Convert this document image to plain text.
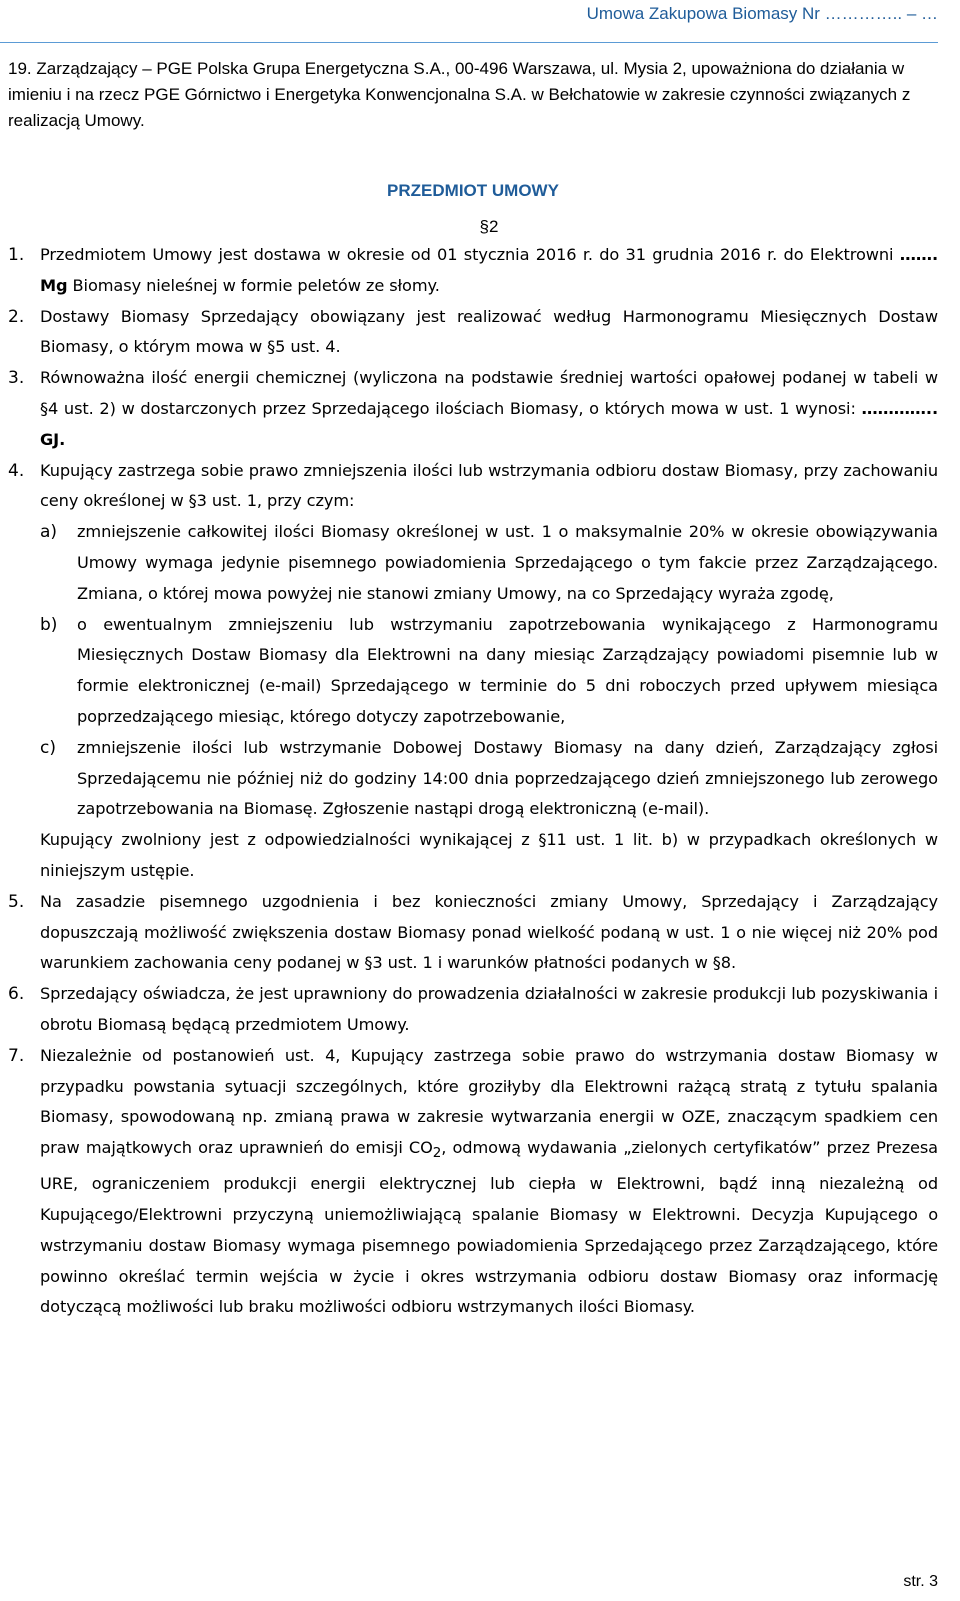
Umowa Zakupowa Biomasy Nr ………….. – …

19. Zarządzający – PGE Polska Grupa Energetyczna S.A., 00-496 Warszawa, ul. Mysia 2, upoważniona do działania w imieniu i na rzecz PGE Górnictwo i Energetyka Konwencjonalna S.A. w Bełchatowie w zakresie czynności związanych z realizacją Umowy.

PRZEDMIOT UMOWY
§2
1. Przedmiotem Umowy jest dostawa w okresie od 01 stycznia 2016 r. do 31 grudnia 2016 r. do Elektrowni ……. Mg Biomasy nieleśnej w formie peletów ze słomy.
2. Dostawy Biomasy Sprzedający obowiązany jest realizować według Harmonogramu Miesięcznych Dostaw Biomasy, o którym mowa w §5 ust. 4.
3. Równoważna ilość energii chemicznej (wyliczona na podstawie średniej wartości opałowej podanej w tabeli w §4 ust. 2) w dostarczonych przez Sprzedającego ilościach Biomasy, o których mowa w ust. 1 wynosi: ………….. GJ.
4. Kupujący zastrzega sobie prawo zmniejszenia ilości lub wstrzymania odbioru dostaw Biomasy, przy zachowaniu ceny określonej w §3 ust. 1, przy czym:
a)	zmniejszenie całkowitej ilości Biomasy określonej w ust. 1 o maksymalnie 20% w okresie obowiązywania Umowy wymaga jedynie pisemnego powiadomienia Sprzedającego o tym fakcie przez Zarządzającego. Zmiana, o której mowa powyżej nie stanowi zmiany Umowy, na co Sprzedający wyraża zgodę,
b)	o ewentualnym zmniejszeniu lub wstrzymaniu zapotrzebowania wynikającego z Harmonogramu Miesięcznych Dostaw Biomasy dla Elektrowni na dany miesiąc Zarządzający powiadomi pisemnie lub w formie elektronicznej (e-mail) Sprzedającego w terminie do 5 dni roboczych przed upływem miesiąca poprzedzającego miesiąc, którego dotyczy zapotrzebowanie,
c)	zmniejszenie ilości lub wstrzymanie Dobowej Dostawy Biomasy na dany dzień, Zarządzający zgłosi Sprzedającemu nie później niż do godziny 14:00 dnia poprzedzającego dzień zmniejszonego lub zerowego zapotrzebowania na Biomasę. Zgłoszenie nastąpi drogą elektroniczną (e-mail).
Kupujący zwolniony jest z odpowiedzialności wynikającej z §11 ust. 1 lit. b) w przypadkach określonych w niniejszym ustępie.
5. Na zasadzie pisemnego uzgodnienia i bez konieczności zmiany Umowy, Sprzedający i Zarządzający dopuszczają możliwość zwiększenia dostaw Biomasy ponad wielkość podaną w ust. 1 o nie więcej niż 20% pod warunkiem zachowania ceny podanej w §3 ust. 1 i warunków płatności podanych w §8.
6. Sprzedający oświadcza, że jest uprawniony do prowadzenia działalności w zakresie produkcji lub pozyskiwania i obrotu Biomasą będącą przedmiotem Umowy.
7. Niezależnie od postanowień ust. 4, Kupujący zastrzega sobie prawo do wstrzymania dostaw Biomasy w przypadku powstania sytuacji szczególnych, które groziłyby dla Elektrowni rażącą stratą z tytułu spalania Biomasy, spowodowaną np. zmianą prawa w zakresie wytwarzania energii w OZE, znaczącym spadkiem cen praw majątkowych oraz uprawnień do emisji $CO_2$, odmową wydawania „zielonych certyfikatów” przez Prezesa URE, ograniczeniem produkcji energii elektrycznej lub ciepła w Elektrowni, bądź inną niezależną od Kupującego/Elektrowni przyczyną uniemożliwiającą spalanie Biomasy w Elektrowni. Decyzja Kupującego o wstrzymaniu dostaw Biomasy wymaga pisemnego powiadomienia Sprzedającego przez Zarządzającego, które powinno określać termin wejścia w życie i okres wstrzymania odbioru dostaw Biomasy oraz informację dotyczącą możliwości lub braku możliwości odbioru wstrzymanych ilości Biomasy.
str. 3
